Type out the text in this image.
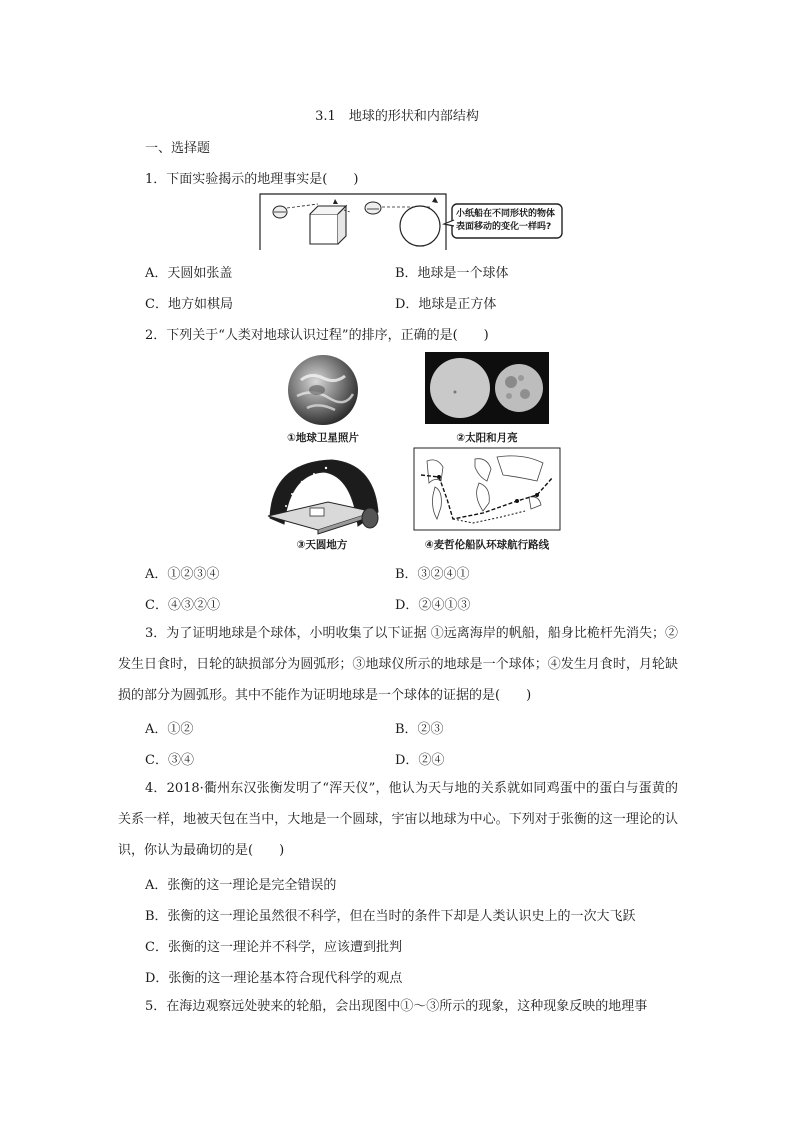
3.1　地球的形状和内部结构
一、选择题
1．下面实验揭示的地理事实是(　　)
小纸船在不同形状的物体
表面移动的变化一样吗?
A．天圆如张盖	B．地球是一个球体
C．地方如棋局	D．地球是正方体
2．下列关于“人类对地球认识过程”的排序，正确的是(　　)
①地球卫星照片	②太阳和月亮
③天圆地方	④麦哲伦船队环球航行路线
A．①②③④	B．③②④①
C．④③②①	D．②④①③
3．为了证明地球是个球体，小明收集了以下证据 ①远离海岸的帆船，船身比桅杆先消失；②发生日食时，日轮的缺损部分为圆弧形；③地球仪所示的地球是一个球体；④发生月食时，月轮缺损的部分为圆弧形。其中不能作为证明地球是一个球体的证据的是(　　)
A．①②	B．②③
C．③④	D．②④
4．2018·衢州东汉张衡发明了“浑天仪”，他认为天与地的关系就如同鸡蛋中的蛋白与蛋黄的关系一样，地被天包在当中，大地是一个圆球，宇宙以地球为中心。下列对于张衡的这一理论的认识，你认为最确切的是(　　)
A．张衡的这一理论是完全错误的
B．张衡的这一理论虽然很不科学，但在当时的条件下却是人类认识史上的一次大飞跃
C．张衡的这一理论并不科学，应该遭到批判
D．张衡的这一理论基本符合现代科学的观点
5．在海边观察远处驶来的轮船，会出现图中①～③所示的现象，这种现象反映的地理事
